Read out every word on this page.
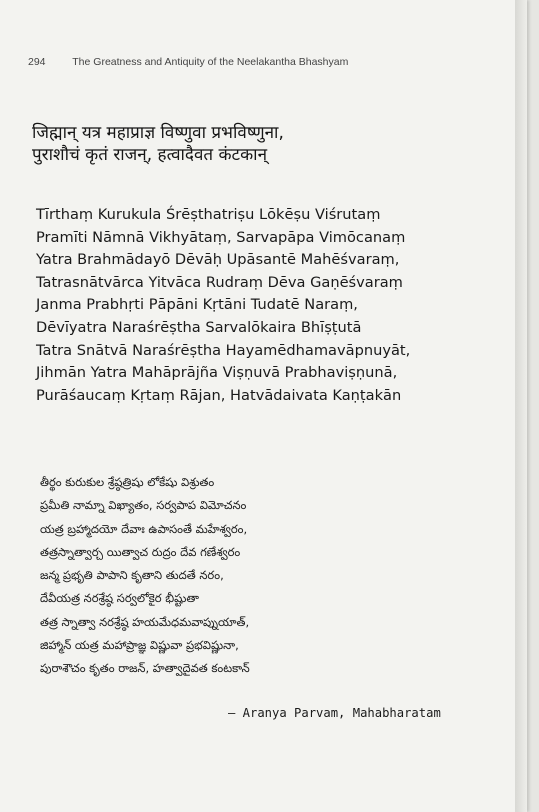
294	The Greatness and Antiquity of the Neelakantha Bhashyam
जिह्मान् यत्र महाप्राज्ञ विष्णुवा प्रभविष्णुना,
पुराशौचं कृतं राजन्, हत्वादैवत कंटकान्
Tīrthaṃ Kurukula Śrēṣthatriṣu Lōkēṣu Viśrutaṃ
Pramīti Nāmnā Vikhyātaṃ, Sarvapāpa Vimōcanaṃ
Yatra Brahmādayō Dēvāḥ Upāsantē Mahēśvaraṃ,
Tatrasnātvārca Yitvāca Rudraṃ Dēva Gaṇēśvaraṃ
Janma Prabhṛti Pāpāni Kṛtāni Tudatē Naraṃ,
Dēvīyatra Naraśrēṣtha Sarvalōkaira Bhīṣṭutā
Tatra Snātvā Naraśrēṣtha Hayamēdhamavāpnuyāt,
Jihmān Yatra Mahāprājña Viṣṇuvā Prabhaviṣṇunā,
Purāśaucaṃ Kṛtaṃ Rājan, Hatvādaivata Kaṇṭakān
తీర్థం కురుకుల శ్రేష్ఠత్రిషు లోకేషు విశ్రుతం
ప్రమీతి నామ్నా విఖ్యాతం, సర్వపాప విమోచనం
యత్ర బ్రహ్మాదయో దేవాః ఉపాసంతే మహేశ్వరం,
తత్రస్నాత్వార్చ యిత్వాచ రుద్రం దేవ గణేశ్వరం
జన్మ ప్రభృతి పాపాని కృతాని తుదతే నరం,
దేవీయత్ర నరశ్రేష్ఠ సర్వలోకైర భీష్టుతా
తత్ర స్నాత్వా నరశ్రేష్ఠ హయమేధమవాప్నుయాత్,
జిహ్మాన్ యత్ర మహాప్రాజ్ఞ విష్ణువా ప్రభవిష్ణునా,
పురాశౌచం కృతం రాజన్, హత్వాదైవత కంటకాన్
– Aranya Parvam, Mahabharatam
